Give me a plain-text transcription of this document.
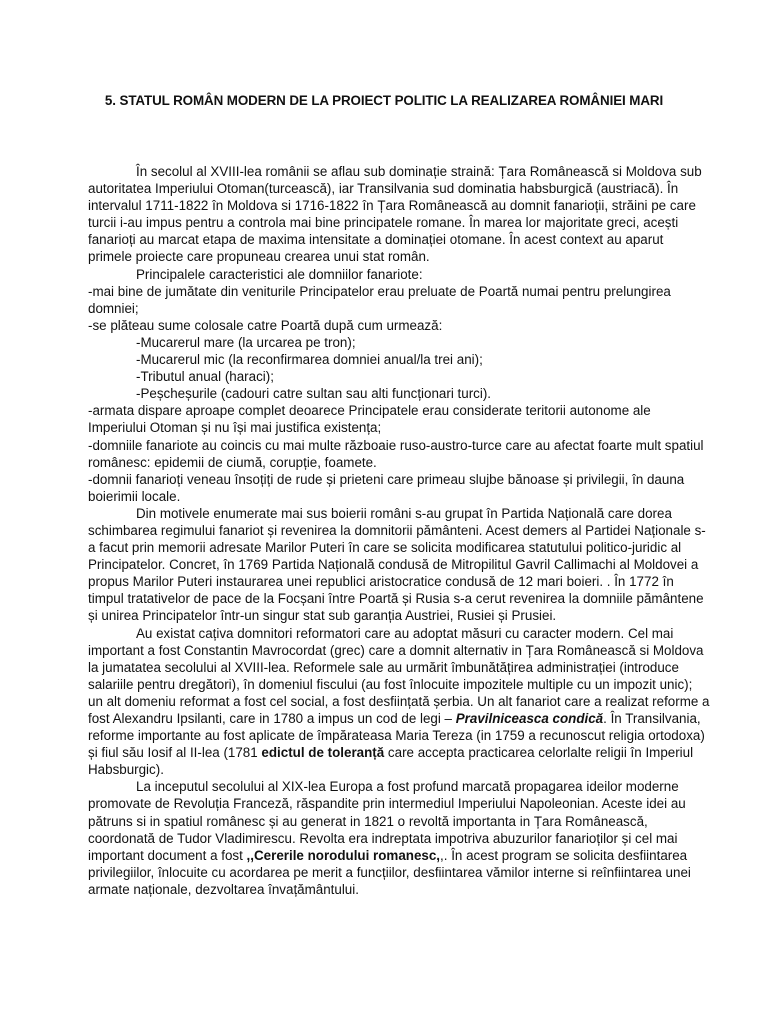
5. STATUL ROMÂN MODERN DE LA PROIECT POLITIC LA REALIZAREA ROMÂNIEI MARI

În secolul al XVIII-lea românii se aflau sub dominație straină: Țara Românească si Moldova sub autoritatea Imperiului Otoman(turcească), iar Transilvania sud dominatia habsburgică (austriacă). În intervalul 1711-1822 în Moldova si 1716-1822 în Țara Românească au domnit fanarioții, străini pe care turcii i-au impus pentru a controla mai bine principatele romane. În marea lor majoritate greci, acești fanarioți au marcat etapa de maxima intensitate a dominației otomane. În acest context au aparut primele proiecte care propuneau crearea unui stat român.

Principalele caracteristici ale domniilor fanariote:

-mai bine de jumătate din veniturile Principatelor erau preluate de Poartă numai pentru prelungirea domniei;

-se plăteau sume colosale catre Poartă după cum urmează:

-Mucarerul mare (la urcarea pe tron);

-Mucarerul mic (la reconfirmarea domniei anual/la trei ani);

-Tributul anual (haraci);

-Peșcheșurile (cadouri catre sultan sau alti funcționari turci).

-armata dispare aproape complet deoarece Principatele erau considerate teritorii autonome ale Imperiului Otoman și nu își mai justifica existența;

-domniile fanariote au coincis cu mai multe războaie ruso-austro-turce care au afectat foarte mult spatiul românesc: epidemii de ciumă, corupție, foamete.

-domnii fanarioți veneau însoțiți de rude și prieteni care primeau slujbe bănoase și privilegii, în dauna boierimii locale.

Din motivele enumerate mai sus boierii români s-au grupat în Partida Națională care dorea schimbarea regimului fanariot și revenirea la domnitorii pământeni. Acest demers al Partidei Naționale s-a facut prin memorii adresate Marilor Puteri în care se solicita modificarea statutului politico-juridic al Principatelor. Concret, în 1769 Partida Națională condusă de Mitropilitul Gavril Callimachi al Moldovei a propus Marilor Puteri instaurarea unei republici aristocratice condusă de 12 mari boieri. . În 1772 în timpul tratativelor de pace de la Focșani între Poartă și Rusia s-a cerut revenirea la domniile pământene și unirea Principatelor într-un singur stat sub garanția Austriei, Rusiei și Prusiei.

Au existat cațiva domnitori reformatori care au adoptat măsuri cu caracter modern. Cel mai important a fost Constantin Mavrocordat (grec) care a domnit alternativ in Țara Românească si Moldova la jumatatea secolului al XVIII-lea. Reformele sale au urmărit îmbunătățirea administrației (introduce salariile pentru dregători), în domeniul fiscului (au fost înlocuite impozitele multiple cu un impozit unic); un alt domeniu reformat a fost cel social, a fost desființată șerbia. Un alt fanariot care a realizat reforme a fost Alexandru Ipsilanti, care in 1780 a impus un cod de legi – Pravilniceasca condică. În Transilvania, reforme importante au fost aplicate de împărateasa Maria Tereza (in 1759 a recunoscut religia ortodoxa) și fiul său Iosif al II-lea (1781 edictul de toleranță care accepta practicarea celorlalte religii în Imperiul Habsburgic).

La inceputul secolului al XIX-lea Europa a fost profund marcată propagarea ideilor moderne promovate de Revoluția Franceză, răspandite prin intermediul Imperiului Napoleonian. Aceste idei au pătruns si in spatiul românesc și au generat in 1821 o revoltă importanta in Țara Românească, coordonată de Tudor Vladimirescu. Revolta era indreptata impotriva abuzurilor fanarioților și cel mai important document a fost ,,Cererile norodului romanesc,,. În acest program se solicita desfiintarea privilegiilor, înlocuite cu acordarea pe merit a funcțiilor, desfiintarea vămilor interne si reînfiintarea unei armate naționale, dezvoltarea învațământului.
